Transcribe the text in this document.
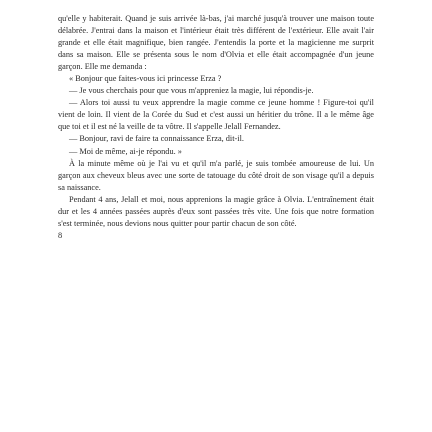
qu'elle y habiterait. Quand je suis arrivée là-bas, j'ai marché jusqu'à trouver une maison toute délabrée. J'entrai dans la maison et l'intérieur était très différent de l'extérieur. Elle avait l'air grande et elle était magnifique, bien rangée. J'entendis la porte et la magicienne me surprit dans sa maison. Elle se présenta sous le nom d'Olvia et elle était accompagnée d'un jeune garçon. Elle me demanda :

« Bonjour que faites-vous ici princesse Erza ?

— Je vous cherchais pour que vous m'appreniez la magie, lui répondis-je.

— Alors toi aussi tu veux apprendre la magie comme ce jeune homme ! Figure-toi qu'il vient de loin. Il vient de la Corée du Sud et c'est aussi un héritier du trône. Il a le même âge que toi et il est né la veille de ta vôtre. Il s'appelle Jelall Fernandez.

— Bonjour, ravi de faire ta connaissance Erza, dit-il.

— Moi de même, ai-je répondu. »

À la minute même où je l'ai vu et qu'il m'a parlé, je suis tombée amoureuse de lui. Un garçon aux cheveux bleus avec une sorte de tatouage du côté droit de son visage qu'il a depuis sa naissance.

Pendant 4 ans, Jelall et moi, nous apprenions la magie grâce à Olvia. L'entraînement était dur et les 4 années passées auprès d'eux sont passées très vite. Une fois que notre formation s'est terminée, nous devions nous quitter pour partir chacun de son côté.

8
